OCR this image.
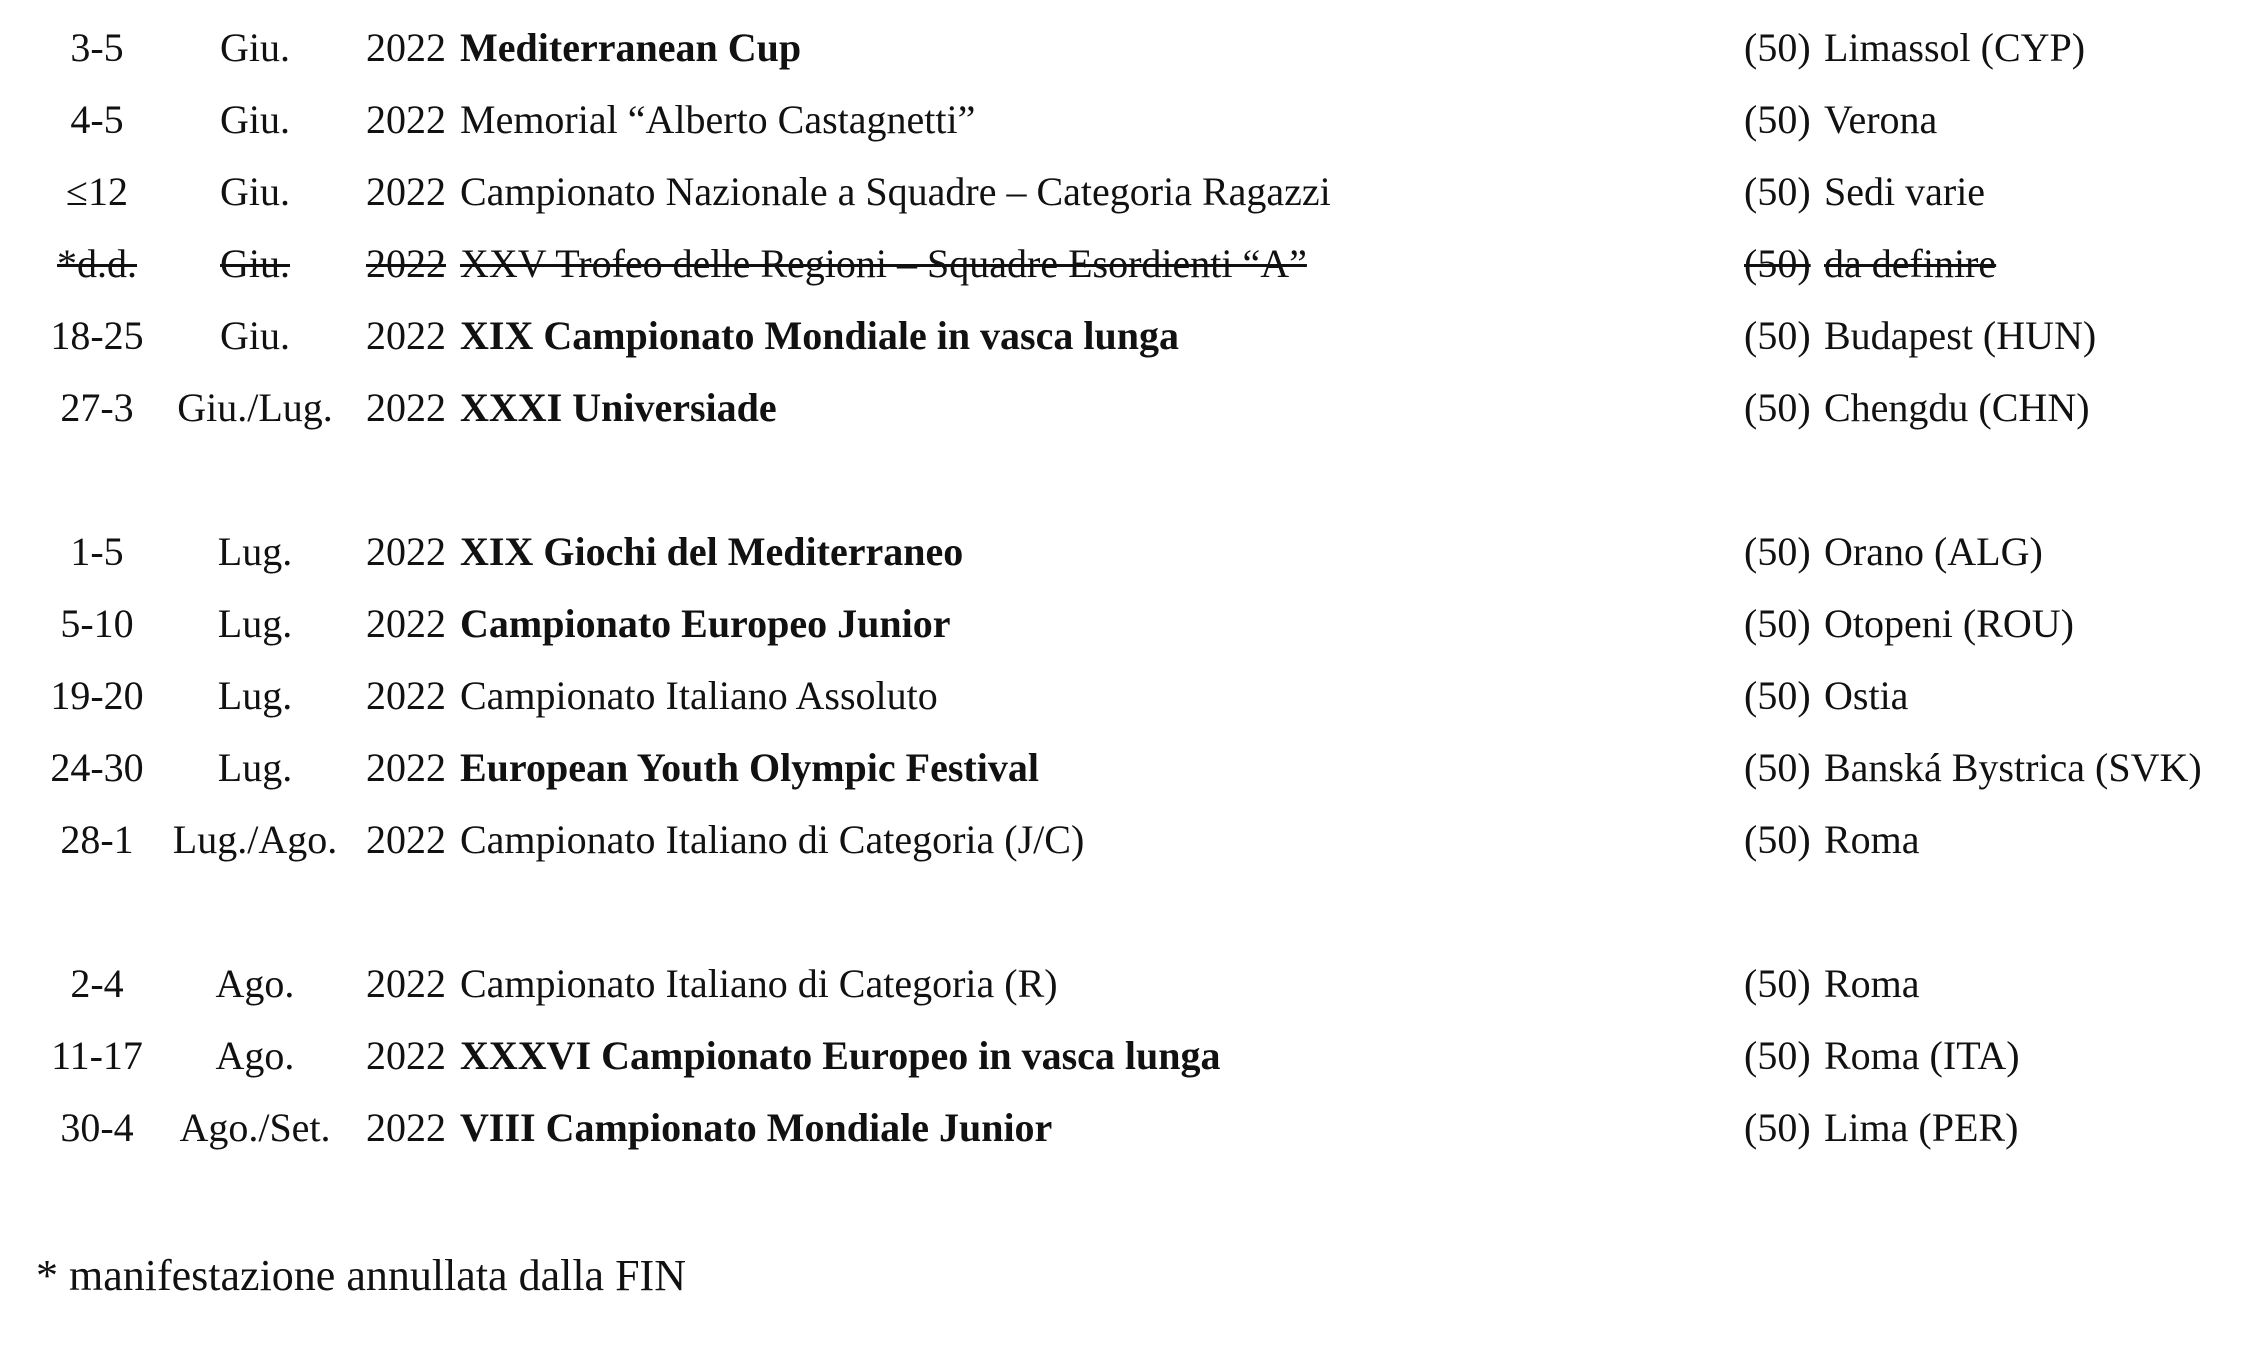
3-5	Giu.	2022 Mediterranean Cup	(50) Limassol (CYP)
4-5	Giu.	2022 Memorial “Alberto Castagnetti”	(50) Verona
≤12	Giu.	2022 Campionato Nazionale a Squadre – Categoria Ragazzi	(50) Sedi varie
*d.d.	Giu.	2022 XXV Trofeo delle Regioni – Squadre Esordienti “A”	(50) da definire
18-25	Giu.	2022 XIX Campionato Mondiale in vasca lunga	(50) Budapest (HUN)
27-3	Giu./Lug. 2022 XXXI Universiade	(50) Chengdu (CHN)
1-5	Lug.	2022 XIX Giochi del Mediterraneo	(50) Orano (ALG)
5-10	Lug.	2022 Campionato Europeo Junior	(50) Otopeni (ROU)
19-20	Lug.	2022 Campionato Italiano Assoluto	(50) Ostia
24-30	Lug.	2022 European Youth Olympic Festival	(50) Banská Bystrica (SVK)
28-1 Lug./Ago. 2022 Campionato Italiano di Categoria (J/C)	(50) Roma
2-4	Ago.	2022 Campionato Italiano di Categoria (R)	(50) Roma
11-17	Ago.	2022 XXXVI Campionato Europeo in vasca lunga	(50) Roma (ITA)
30-4	Ago./Set. 2022 VIII Campionato Mondiale Junior	(50) Lima (PER)
* manifestazione annullata dalla FIN
